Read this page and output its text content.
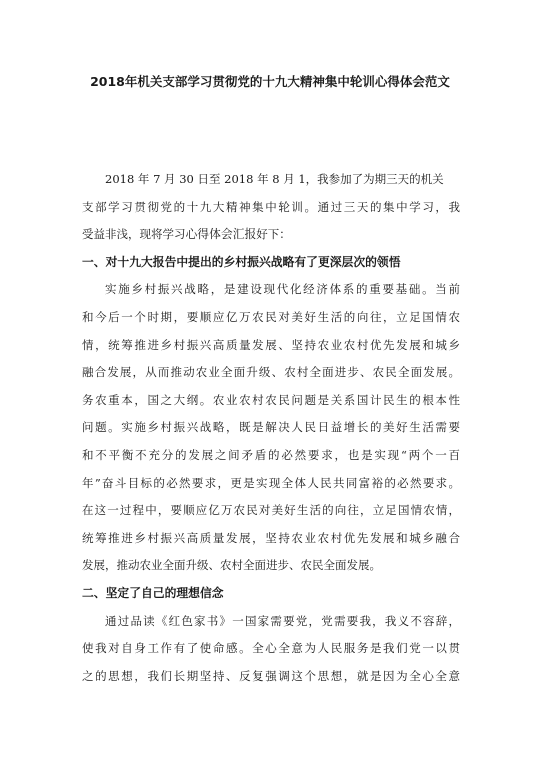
2018年机关支部学习贯彻党的十九大精神集中轮训心得体会范文
2018 年 7 月 30 日至 2018 年 8 月 1，我参加了为期三天的机关
支部学习贯彻党的十九大精神集中轮训。通过三天的集中学习，我
受益非浅，现将学习心得体会汇报好下：
一、对十九大报告中提出的乡村振兴战略有了更深层次的领悟
实施乡村振兴战略，是建设现代化经济体系的重要基础。当前
和今后一个时期，要顺应亿万农民对美好生活的向往，立足国情农
情，统筹推进乡村振兴高质量发展、坚持农业农村优先发展和城乡
融合发展，从而推动农业全面升级、农村全面进步、农民全面发展。
务农重本，国之大纲。农业农村农民问题是关系国计民生的根本性
问题。实施乡村振兴战略，既是解决人民日益增长的美好生活需要
和不平衡不充分的发展之间矛盾的必然要求，也是实现“两个一百
年”奋斗目标的必然要求，更是实现全体人民共同富裕的必然要求。
在这一过程中，要顺应亿万农民对美好生活的向往，立足国情农情，
统筹推进乡村振兴高质量发展，坚持农业农村优先发展和城乡融合
发展，推动农业全面升级、农村全面进步、农民全面发展。
二、坚定了自己的理想信念
通过品读《红色家书》一国家需要党，党需要我，我义不容辞，
使我对自身工作有了使命感。全心全意为人民服务是我们党一以贯
之的思想，我们长期坚持、反复强调这个思想，就是因为全心全意
